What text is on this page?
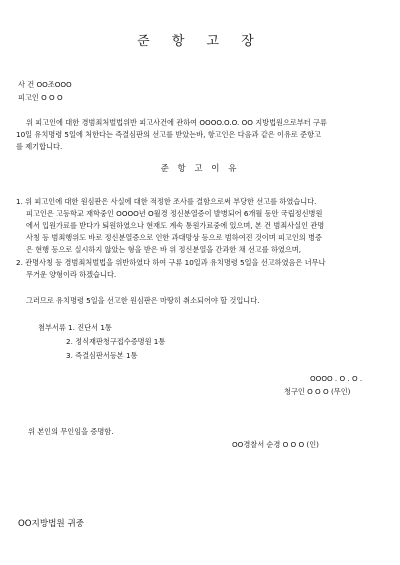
준 항 고 장
사 건 OO조OOO
피고인 O O O
위 피고인에 대한 경범죄처벌법위반 피고사건에 관하여 OOOO.O.O. OO 지방법원으로부터 구류
10일 유치명령 5일에 처한다는 즉결심판의 선고를 받았는바, 항고인은 다음과 같은 이유로 준항고
를 제기합니다.
준 항 고 이 유
1. 위 피고인에 대한 원심판은 사실에 대한 적정한 조사를 결함으로써 부당한 선고를 하였습니다.
피고인은 고등학교 재학중인 OOOO년 O월경 정신분열증이 발병되어 6개월 동안 국립정신병원
에서 입원가료를 받다가 퇴원하였으나 현재도 계속 통원가료중에 있으며, 본 건 범죄사실인 관명
사칭 등 범죄행위도 바로 정신분열증으로 인한 과대망상 등으로 범하여진 것이며 피고인의 병증
은 현행 등으로 실시하지 않았는 형을 받은 바 위 정신분열을 간과한 채 선고를 하였으며,
2. 관명사칭 등 경범죄처벌법을 위반하였다 하여 구류 10일과 유치명령 5일을 선고하였음은 너무나
무거운 양형이라 하겠습니다.
그러므로 유치명령 5일을 선고한 원심판은 마땅히 취소되어야 할 것입니다.
첨부서류 1. 진단서 1통
2. 정식재판청구접수증명원 1통
3. 즉결심판서등본 1통
OOOO . O . O .
청구인 O O O (무인)
위 본인의 무인임을 증명함.
OO경찰서 순경 O O O (인)
OO지방법원 귀중
